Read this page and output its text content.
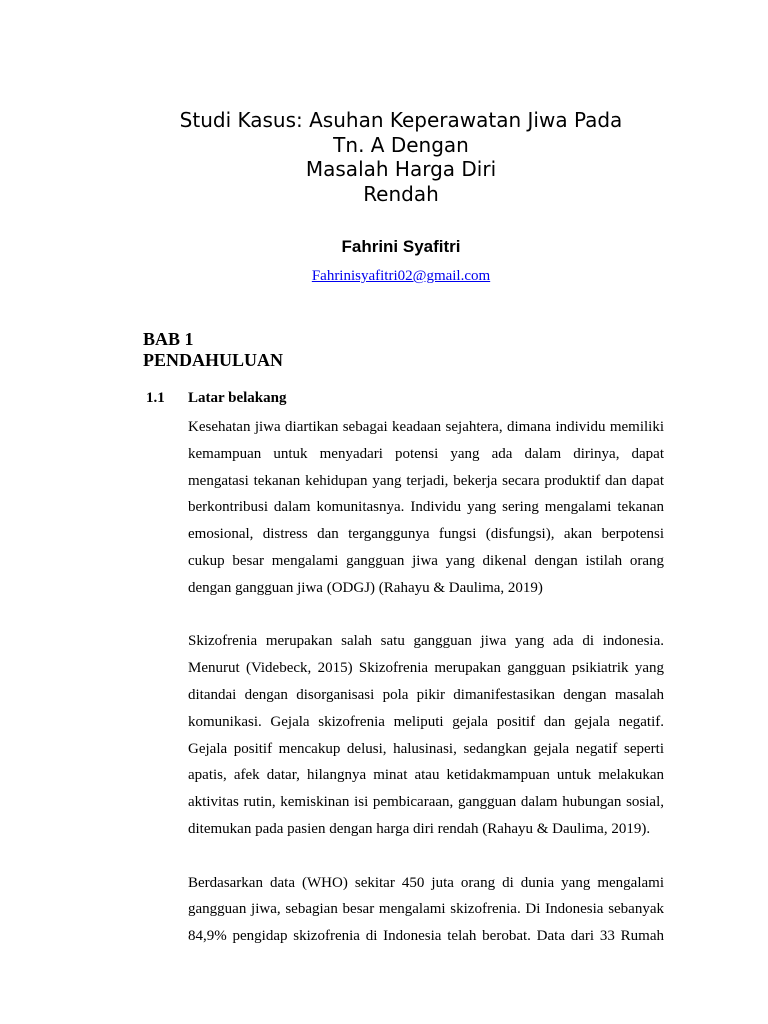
Studi Kasus: Asuhan Keperawatan Jiwa Pada
Tn. A Dengan
Masalah Harga Diri
Rendah
Fahrini Syafitri
Fahrinisyafitri02@gmail.com
BAB 1
PENDAHULUAN
1.1 Latar belakang
Kesehatan jiwa diartikan sebagai keadaan sejahtera, dimana individu memiliki
kemampuan untuk menyadari potensi yang ada dalam dirinya, dapat
mengatasi tekanan kehidupan yang terjadi, bekerja secara produktif dan dapat
berkontribusi dalam komunitasnya. Individu yang sering mengalami tekanan
emosional, distress dan terganggunya fungsi (disfungsi), akan berpotensi
cukup besar mengalami gangguan jiwa yang dikenal dengan istilah orang
dengan gangguan jiwa (ODGJ) (Rahayu & Daulima, 2019)
Skizofrenia merupakan salah satu gangguan jiwa yang ada di indonesia.
Menurut (Videbeck, 2015) Skizofrenia merupakan gangguan psikiatrik yang
ditandai dengan disorganisasi pola pikir dimanifestasikan dengan masalah
komunikasi. Gejala skizofrenia meliputi gejala positif dan gejala negatif.
Gejala positif mencakup delusi, halusinasi, sedangkan gejala negatif seperti
apatis, afek datar, hilangnya minat atau ketidakmampuan untuk melakukan
aktivitas rutin, kemiskinan isi pembicaraan, gangguan dalam hubungan sosial,
ditemukan pada pasien dengan harga diri rendah (Rahayu & Daulima, 2019).
Berdasarkan data (WHO) sekitar 450 juta orang di dunia yang mengalami
gangguan jiwa, sebagian besar mengalami skizofrenia. Di Indonesia sebanyak
84,9% pengidap skizofrenia di Indonesia telah berobat. Data dari 33 Rumah
